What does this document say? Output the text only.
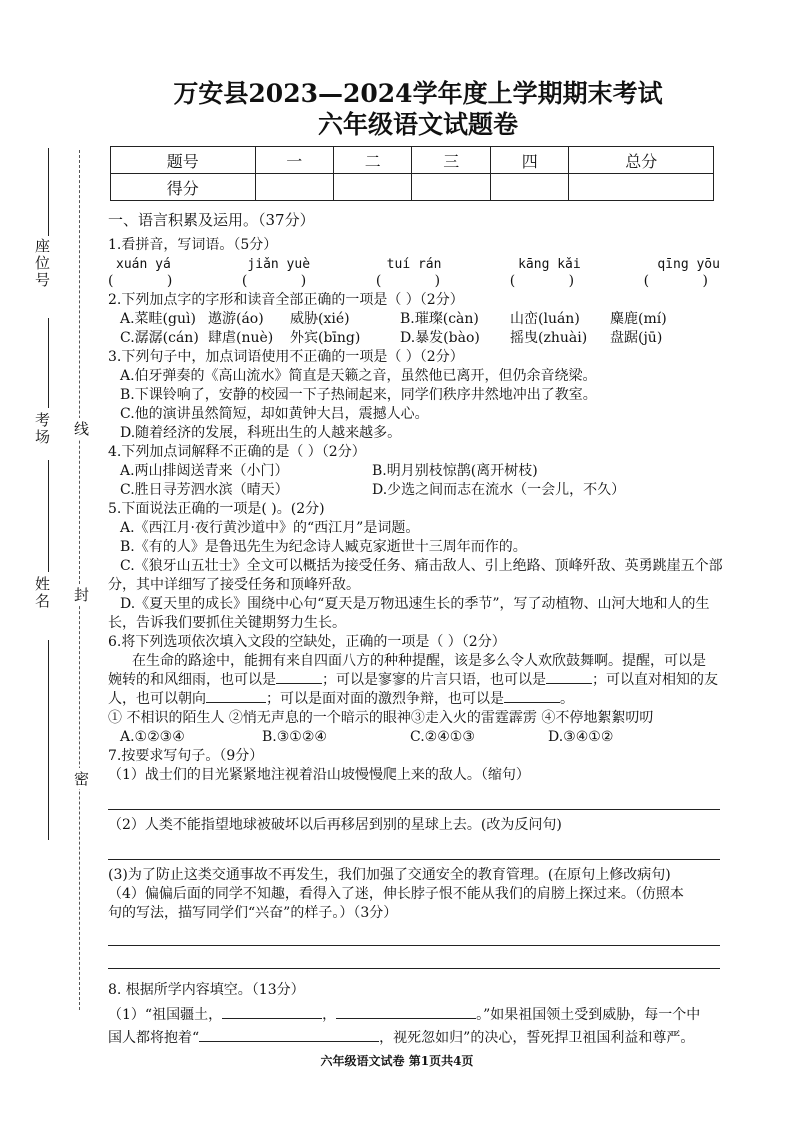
座位号
考场
姓名
线
封
密
万安县2023—2024学年度上学期期末考试
六年级语文试题卷
题号	一	二	三	四	总分
得分					
一、语言积累及运用。（37分）
1.看拼音，写词语。（5分）
xuán yá	jiǎn yuè	tuí rán	kāng kǎi	qīng yōu
(            )	(            )	(            )	(            )	(            )
2.下列加点字的字形和读音全部正确的一项是（ ）（2分）
A.菜畦(guì) 遨游(áo) 威胁(xié)	B.璀璨(càn) 山峦(luán) 麋鹿(mí)
C.潺潺(cán) 肆虐(nuè) 外宾(bīng)	D.暴发(bào) 摇曳(zhuài) 盘踞(jū)
3.下列句子中，加点词语使用不正确的一项是（ ）（2分）
A.伯牙弹奏的《高山流水》简直是天籁之音，虽然他已离开，但仍余音绕梁。
B.下课铃响了，安静的校园一下子热闹起来，同学们秩序井然地冲出了教室。
C.他的演讲虽然简短，却如黄钟大吕，震撼人心。
D.随着经济的发展，科班出生的人越来越多。
4.下列加点词解释不正确的是（ ）（2分）
A.两山排闼送青来（小门）	B.明月别枝惊鹊(离开树枝)
C.胜日寻芳泗水滨（晴天）	D.少选之间而志在流水（一会儿，不久）
5.下面说法正确的一项是( )。(2分)
A.《西江月·夜行黄沙道中》的“西江月”是词题。
B.《有的人》是鲁迅先生为纪念诗人臧克家逝世十三周年而作的。
C.《狼牙山五壮士》全文可以概括为接受任务、痛击敌人、引上绝路、顶峰歼敌、英勇跳崖五个部
分，其中详细写了接受任务和顶峰歼敌。
D.《夏天里的成长》围绕中心句“夏天是万物迅速生长的季节”，写了动植物、山河大地和人的生
长，告诉我们要抓住关键期努力生长。
6.将下列选项依次填入文段的空缺处，正确的一项是（ ）（2分）
在生命的路途中，能拥有来自四面八方的种种提醒，该是多么令人欢欣鼓舞啊。提醒，可以是
婉转的和风细雨，也可以是	；可以是寥寥的片言只语，也可以是	；可以直对相知的友
人，也可以朝向	；可以是面对面的激烈争辩，也可以是	。
① 不相识的陌生人 ②悄无声息的一个暗示的眼神③走入火的雷霆霹雳 ④不停地絮絮叨叨
A.①②③④	B.③①②④	C.②④①③	D.③④①②
7.按要求写句子。（9分）
（1）战士们的目光紧紧地注视着沿山坡慢慢爬上来的敌人。（缩句）
（2）人类不能指望地球被破坏以后再移居到别的星球上去。(改为反问句)
(3)为了防止这类交通事故不再发生，我们加强了交通安全的教育管理。(在原句上修改病句)
（4）偏偏后面的同学不知趣，看得入了迷，伸长脖子恨不能从我们的肩膀上探过来。（仿照本
句的写法，描写同学们“兴奋”的样子。）（3分）
8. 根据所学内容填空。（13分）
（1）“祖国疆土，	，	。”如果祖国领土受到威胁，每一个中
国人都将抱着“	，视死忽如归”的决心，誓死捍卫祖国利益和尊严。
六年级语文试卷 第1页共4页
